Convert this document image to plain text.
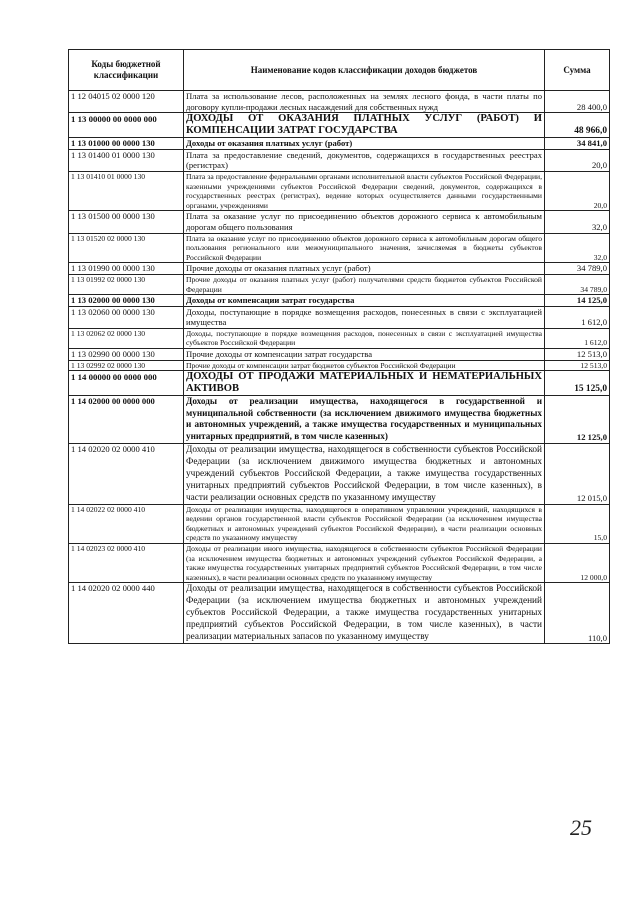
Коды бюджетной классификации	Наименование кодов классификации доходов бюджетов	Сумма
1 12 04015 02 0000 120	Плата за использование лесов, расположенных на землях лесного фонда, в части платы по договору купли-продажи лесных насаждений для собственных нужд	28 400,0
1 13 00000 00 0000 000	ДОХОДЫ ОТ ОКАЗАНИЯ ПЛАТНЫХ УСЛУГ (РАБОТ) И КОМПЕНСАЦИИ ЗАТРАТ ГОСУДАРСТВА	48 966,0
1 13 01000 00 0000 130	Доходы от оказания платных услуг (работ)	34 841,0
1 13 01400 01 0000 130	Плата за предоставление сведений, документов, содержащихся в государственных реестрах (регистрах)	20,0
1 13 01410 01 0000 130	Плата за предоставление федеральными органами исполнительной власти субъектов Российской Федерации, казенными учреждениями субъектов Российской Федерации сведений, документов, содержащихся в государственных реестрах (регистрах), ведение которых осуществляется данными государственными органами, учреждениями	20,0
1 13 01500 00 0000 130	Плата за оказание услуг по присоединению объектов дорожного сервиса к автомобильным дорогам общего пользования	32,0
1 13 01520 02 0000 130	Плата за оказание услуг по присоединению объектов дорожного сервиса к автомобильным дорогам общего пользования регионального или межмуниципального значения, зачисляемая в бюджеты субъектов Российской Федерации	32,0
1 13 01990 00 0000 130	Прочие доходы от оказания платных услуг (работ)	34 789,0
1 13 01992 02 0000 130	Прочие доходы от оказания платных услуг (работ) получателями средств бюджетов субъектов Российской Федерации	34 789,0
1 13 02000 00 0000 130	Доходы от компенсации затрат государства	14 125,0
1 13 02060 00 0000 130	Доходы, поступающие в порядке возмещения расходов, понесенных в связи с эксплуатацией имущества	1 612,0
1 13 02062 02 0000 130	Доходы, поступающие в порядке возмещения расходов, понесенных в связи с эксплуатацией имущества субъектов Российской Федерации	1 612,0
1 13 02990 00 0000 130	Прочие доходы от компенсации затрат государства	12 513,0
1 13 02992 02 0000 130	Прочие доходы от компенсации затрат бюджетов субъектов Российской Федерации	12 513,0
1 14 00000 00 0000 000	ДОХОДЫ ОТ ПРОДАЖИ МАТЕРИАЛЬНЫХ И НЕМАТЕРИАЛЬНЫХ АКТИВОВ	15 125,0
1 14 02000 00 0000 000	Доходы от реализации имущества, находящегося в государственной и муниципальной собственности (за исключением движимого имущества бюджетных и автономных учреждений, а также имущества государственных и муниципальных унитарных предприятий, в том числе казенных)	12 125,0
1 14 02020 02 0000 410	Доходы от реализации имущества, находящегося в собственности субъектов Российской Федерации (за исключением движимого имущества бюджетных и автономных учреждений субъектов Российской Федерации, а также имущества государственных унитарных предприятий субъектов Российской Федерации, в том числе казенных), в части реализации основных средств по указанному имуществу	12 015,0
1 14 02022 02 0000 410	Доходы от реализации имущества, находящегося в оперативном управлении учреждений, находящихся в ведении органов государственной власти субъектов Российской Федерации (за исключением имущества бюджетных и автономных учреждений субъектов Российской Федерации), в части реализации основных средств по указанному имуществу	15,0
1 14 02023 02 0000 410	Доходы от реализации иного имущества, находящегося в собственности субъектов Российской Федерации (за исключением имущества бюджетных и автономных учреждений субъектов Российской Федерации, а также имущества государственных унитарных предприятий субъектов Российской Федерации, в том числе казенных), в части реализации основных средств по указанному имуществу	12 000,0
1 14 02020 02 0000 440	Доходы от реализации имущества, находящегося в собственности субъектов Российской Федерации (за исключением имущества бюджетных и автономных учреждений субъектов Российской Федерации, а также имущества государственных унитарных предприятий субъектов Российской Федерации, в том числе казенных), в части реализации материальных запасов по указанному имуществу	110,0
25
